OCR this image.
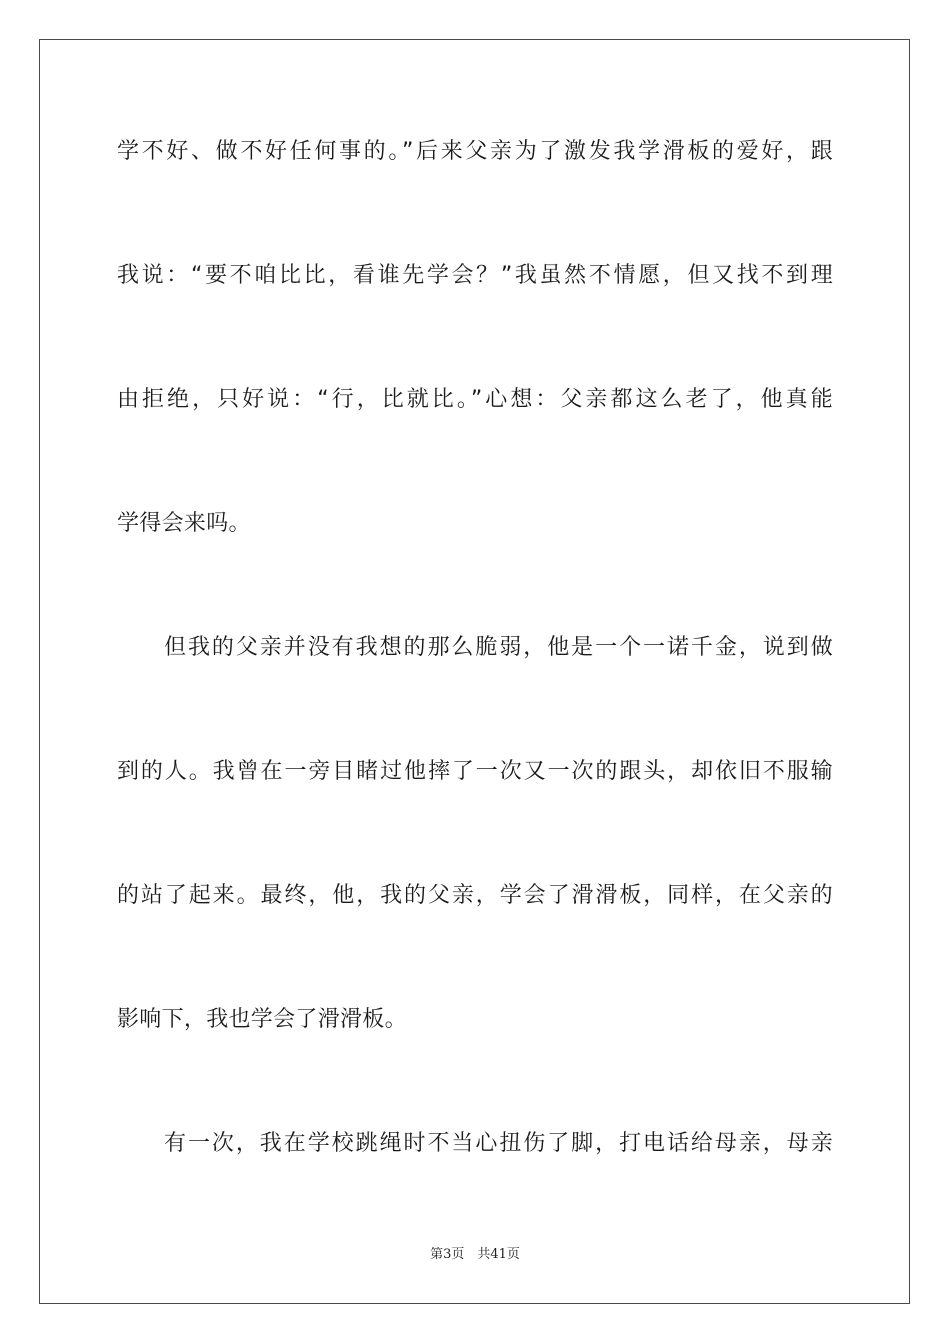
学不好、做不好任何事的。”后来父亲为了激发我学滑板的爱好，跟
我说：“要不咱比比，看谁先学会？”我虽然不情愿，但又找不到理
由拒绝，只好说：“行，比就比。”心想：父亲都这么老了，他真能
学得会来吗。
但我的父亲并没有我想的那么脆弱，他是一个一诺千金，说到做
到的人。我曾在一旁目睹过他摔了一次又一次的跟头，却依旧不服输
的站了起来。最终，他，我的父亲，学会了滑滑板，同样，在父亲的
影响下，我也学会了滑滑板。
有一次，我在学校跳绳时不当心扭伤了脚，打电话给母亲，母亲
第3页　共41页
